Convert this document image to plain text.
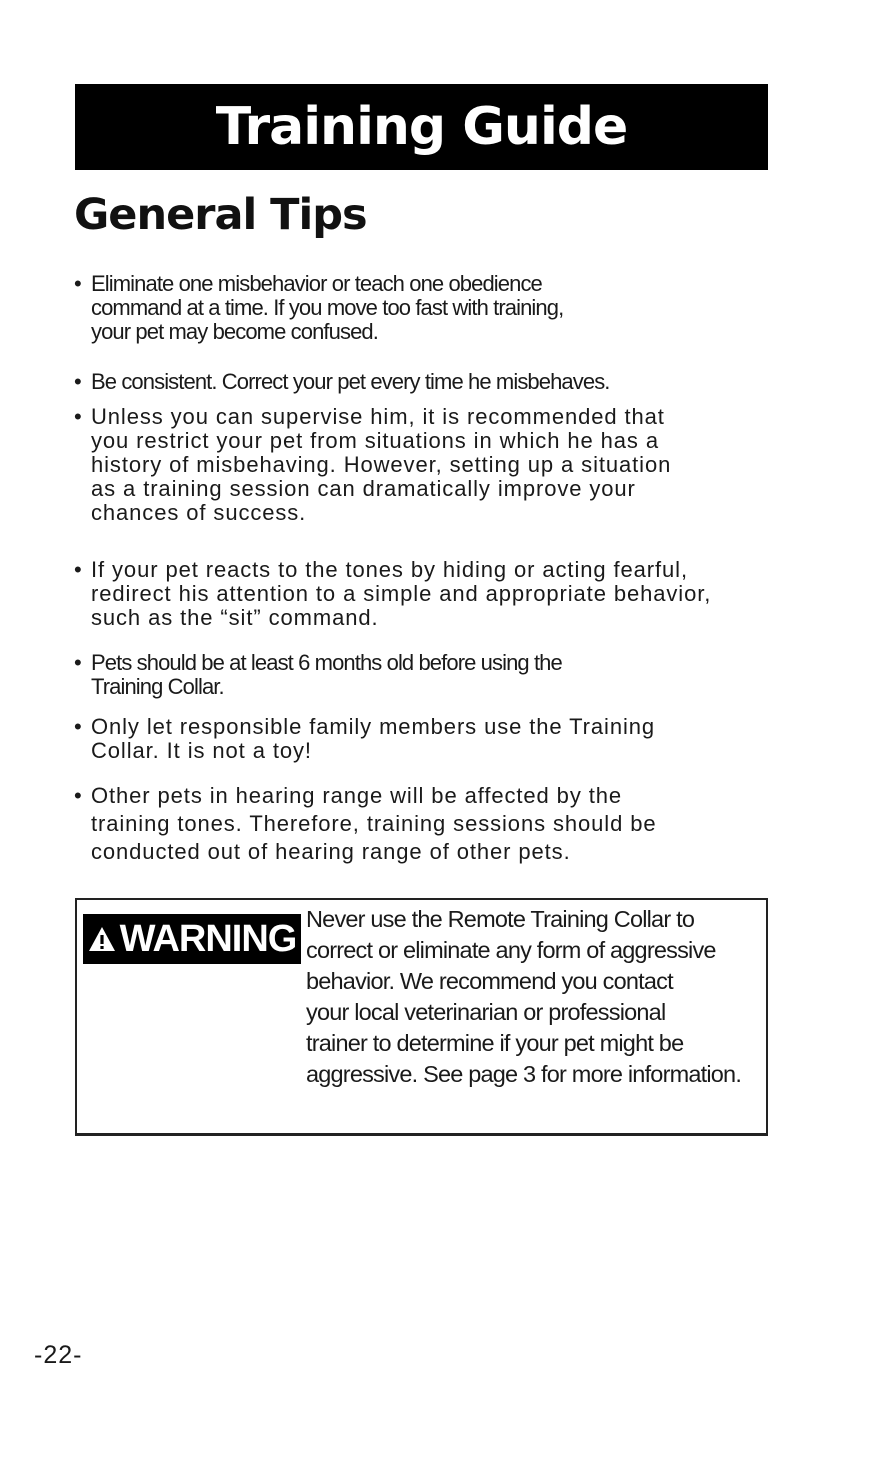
Training Guide
General Tips
• Eliminate one misbehavior or teach one obedience
command at a time. If you move too fast with training,
your pet may become confused.
• Be consistent. Correct your pet every time he misbehaves.
• Unless you can supervise him, it is recommended that
you restrict your pet from situations in which he has a
history of misbehaving. However, setting up a situation
as a training session can dramatically improve your
chances of success.
• If your pet reacts to the tones by hiding or acting fearful,
redirect his attention to a simple and appropriate behavior,
such as the “sit” command.
• Pets should be at least 6 months old before using the
Training Collar.
• Only let responsible family members use the Training
Collar. It is not a toy!
• Other pets in hearing range will be affected by the
training tones. Therefore, training sessions should be
conducted out of hearing range of other pets.
WARNING Never use the Remote Training Collar to
correct or eliminate any form of aggressive
behavior. We recommend you contact
your local veterinarian or professional
trainer to determine if your pet might be
aggressive. See page 3 for more information.
-22-
